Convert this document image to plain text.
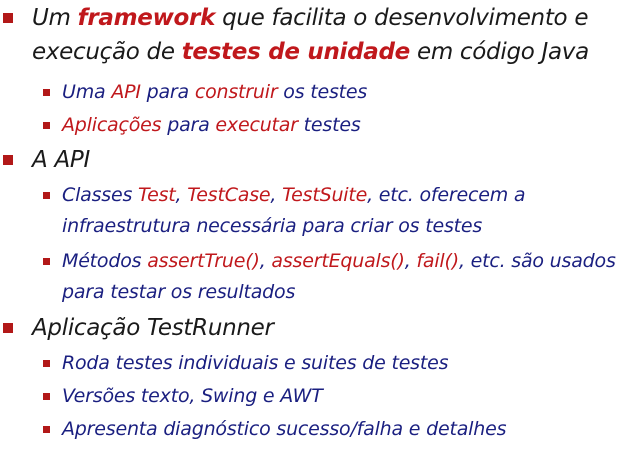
Um framework que facilita o desenvolvimento e execução de testes de unidade em código Java

Uma API para construir os testes

Aplicações para executar testes

A API

Classes Test, TestCase, TestSuite, etc. oferecem a infraestrutura necessária para criar os testes

Métodos assertTrue(), assertEquals(), fail(), etc. são usados para testar os resultados

Aplicação TestRunner

Roda testes individuais e suites de testes

Versões texto, Swing e AWT

Apresenta diagnóstico sucesso/falha e detalhes
